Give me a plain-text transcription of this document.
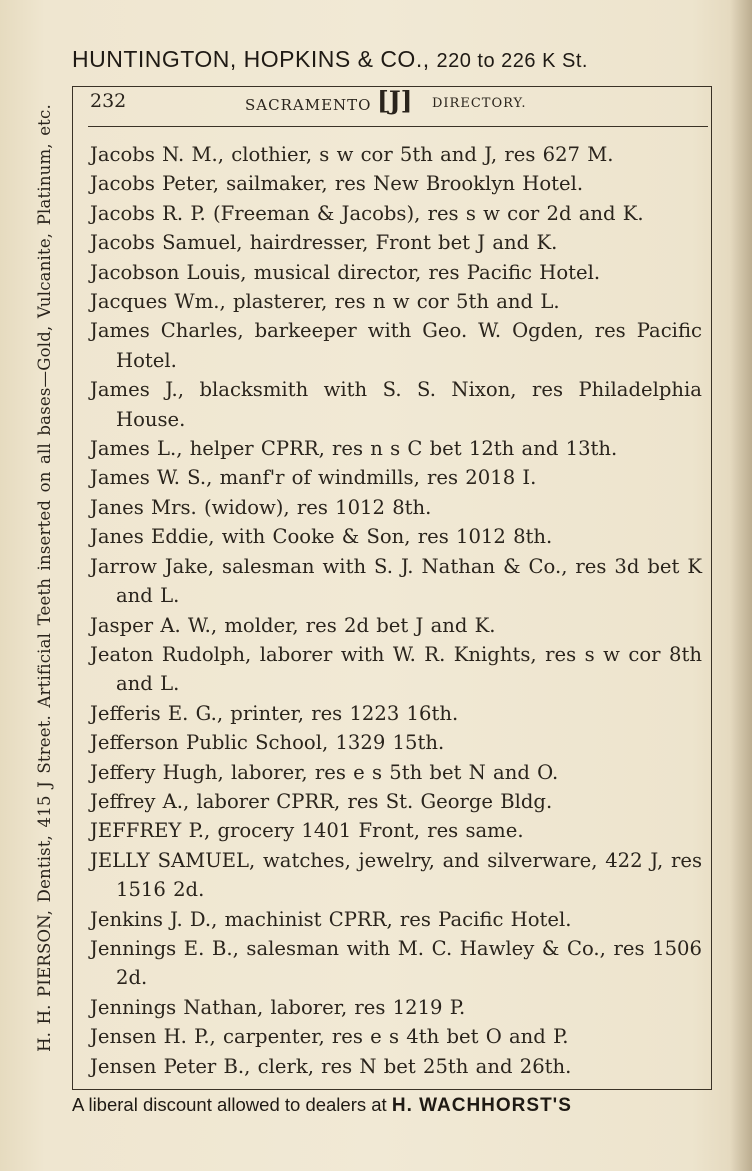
HUNTINGTON, HOPKINS & CO., 220 to 226 K St.
H. H. PIERSON, Dentist, 415 J Street. Artificial Teeth inserted on all bases—Gold, Vulcanite, Platinum, etc.
232	SACRAMENTO [J] DIRECTORY.

Jacobs N. M., clothier, s w cor 5th and J, res 627 M.

Jacobs Peter, sailmaker, res New Brooklyn Hotel.

Jacobs R. P. (Freeman & Jacobs), res s w cor 2d and K.

Jacobs Samuel, hairdresser, Front bet J and K.

Jacobson Louis, musical director, res Pacific Hotel.

Jacques Wm., plasterer, res n w cor 5th and L.

James Charles, barkeeper with Geo. W. Ogden, res Pacific Hotel.

James J., blacksmith with S. S. Nixon, res Philadelphia House.

James L., helper CPRR, res n s C bet 12th and 13th.

James W. S., manf'r of windmills, res 2018 I.

Janes Mrs. (widow), res 1012 8th.

Janes Eddie, with Cooke & Son, res 1012 8th.

Jarrow Jake, salesman with S. J. Nathan & Co., res 3d bet K and L.

Jasper A. W., molder, res 2d bet J and K.

Jeaton Rudolph, laborer with W. R. Knights, res s w cor 8th and L.

Jefferis E. G., printer, res 1223 16th.

Jefferson Public School, 1329 15th.

Jeffery Hugh, laborer, res e s 5th bet N and O.

Jeffrey A., laborer CPRR, res St. George Bldg.

JEFFREY P., grocery 1401 Front, res same.

JELLY SAMUEL, watches, jewelry, and silverware, 422 J, res 1516 2d.

Jenkins J. D., machinist CPRR, res Pacific Hotel.

Jennings E. B., salesman with M. C. Hawley & Co., res 1506 2d.

Jennings Nathan, laborer, res 1219 P.

Jensen H. P., carpenter, res e s 4th bet O and P.

Jensen Peter B., clerk, res N bet 25th and 26th.

A liberal discount allowed to dealers at H. WACHHORST'S
